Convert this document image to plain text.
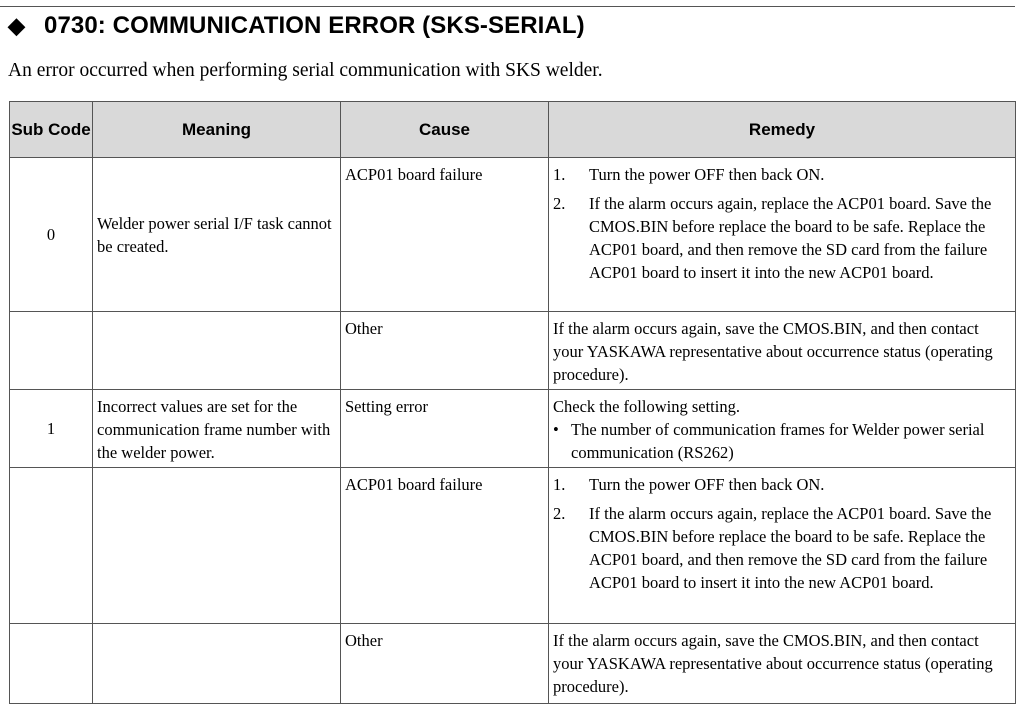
◆ 0730: COMMUNICATION ERROR (SKS-SERIAL)
An error occurred when performing serial communication with SKS welder.
Sub Code	Meaning	Cause	Remedy
0	Welder power serial I/F task cannot be created.	ACP01 board failure	1. Turn the power OFF then back ON.
2. If the alarm occurs again, replace the ACP01 board. Save the CMOS.BIN before replace the board to be safe. Replace the ACP01 board, and then remove the SD card from the failure ACP01 board to insert it into the new ACP01 board.

		Other	If the alarm occurs again, save the CMOS.BIN, and then contact your YASKAWA representative about occurrence status (operating procedure).
1	Incorrect values are set for the communication frame number with the welder power.	Setting error	Check the following setting.
• The number of communication frames for Welder power serial communication (RS262)

		ACP01 board failure	1. Turn the power OFF then back ON.
2. If the alarm occurs again, replace the ACP01 board. Save the CMOS.BIN before replace the board to be safe. Replace the ACP01 board, and then remove the SD card from the failure ACP01 board to insert it into the new ACP01 board.

		Other	If the alarm occurs again, save the CMOS.BIN, and then contact your YASKAWA representative about occurrence status (operating procedure).
